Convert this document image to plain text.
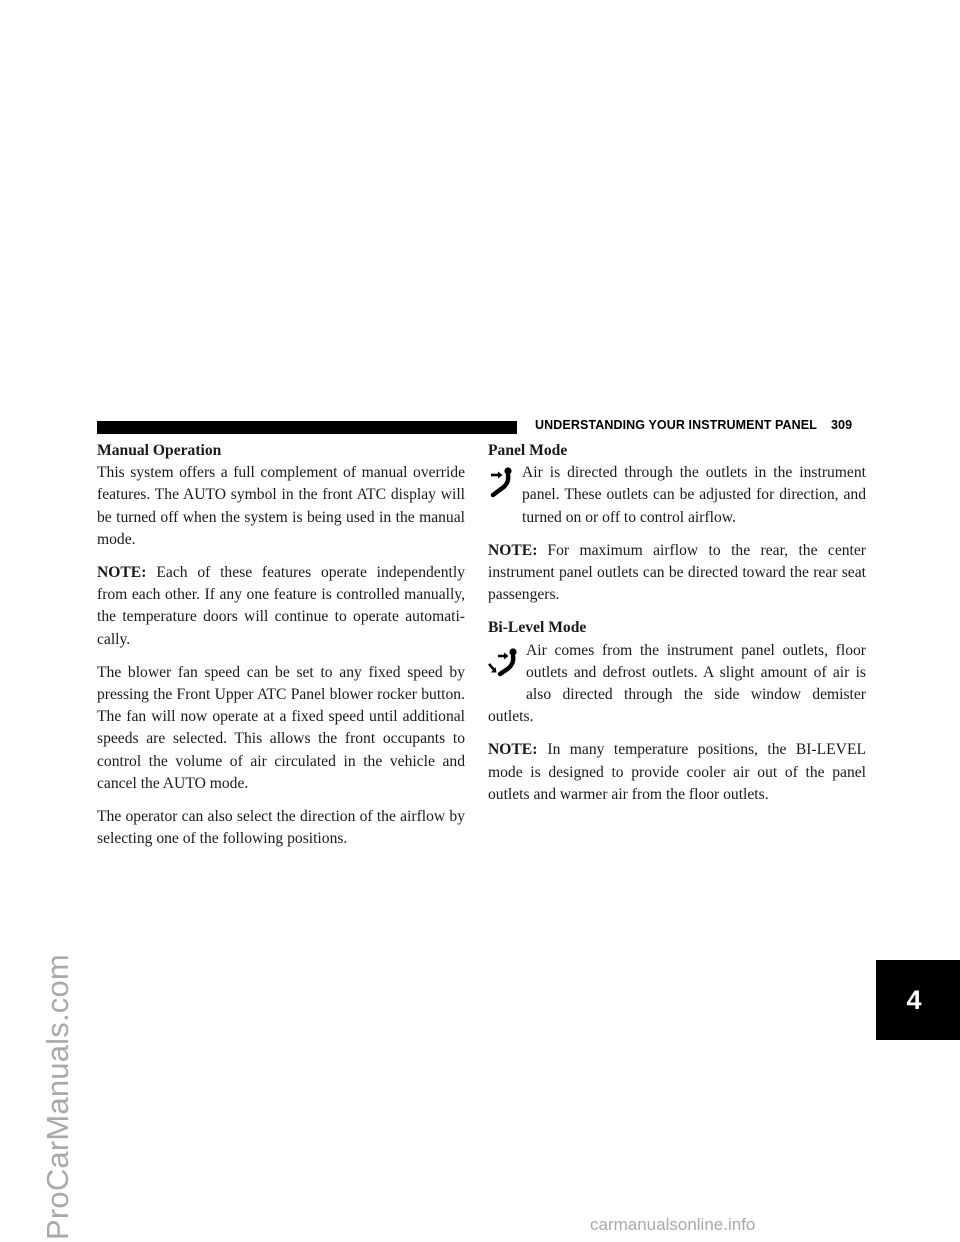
ProCarManuals.com
UNDERSTANDING YOUR INSTRUMENT PANEL 309
4
Manual Operation

This system offers a full complement of manual override features. The AUTO symbol in the front ATC display will be turned off when the system is being used in the manual mode.

NOTE: Each of these features operate independently from each other. If any one feature is controlled manually, the temperature doors will continue to operate automatically.

The blower fan speed can be set to any fixed speed by pressing the Front Upper ATC Panel blower rocker button. The fan will now operate at a fixed speed until additional speeds are selected. This allows the front occupants to control the volume of air circulated in the vehicle and cancel the AUTO mode.

The operator can also select the direction of the airflow by selecting one of the following positions.

Panel Mode

Air is directed through the outlets in the instrument panel. These outlets can be adjusted for direction, and turned on or off to control airflow.

NOTE: For maximum airflow to the rear, the center instrument panel outlets can be directed toward the rear seat passengers.

Bi-Level Mode

Air comes from the instrument panel outlets, floor outlets and defrost outlets. A slight amount of air is also directed through the side window demister outlets.

NOTE: In many temperature positions, the BI-LEVEL mode is designed to provide cooler air out of the panel outlets and warmer air from the floor outlets.

carmanualsonline.info
